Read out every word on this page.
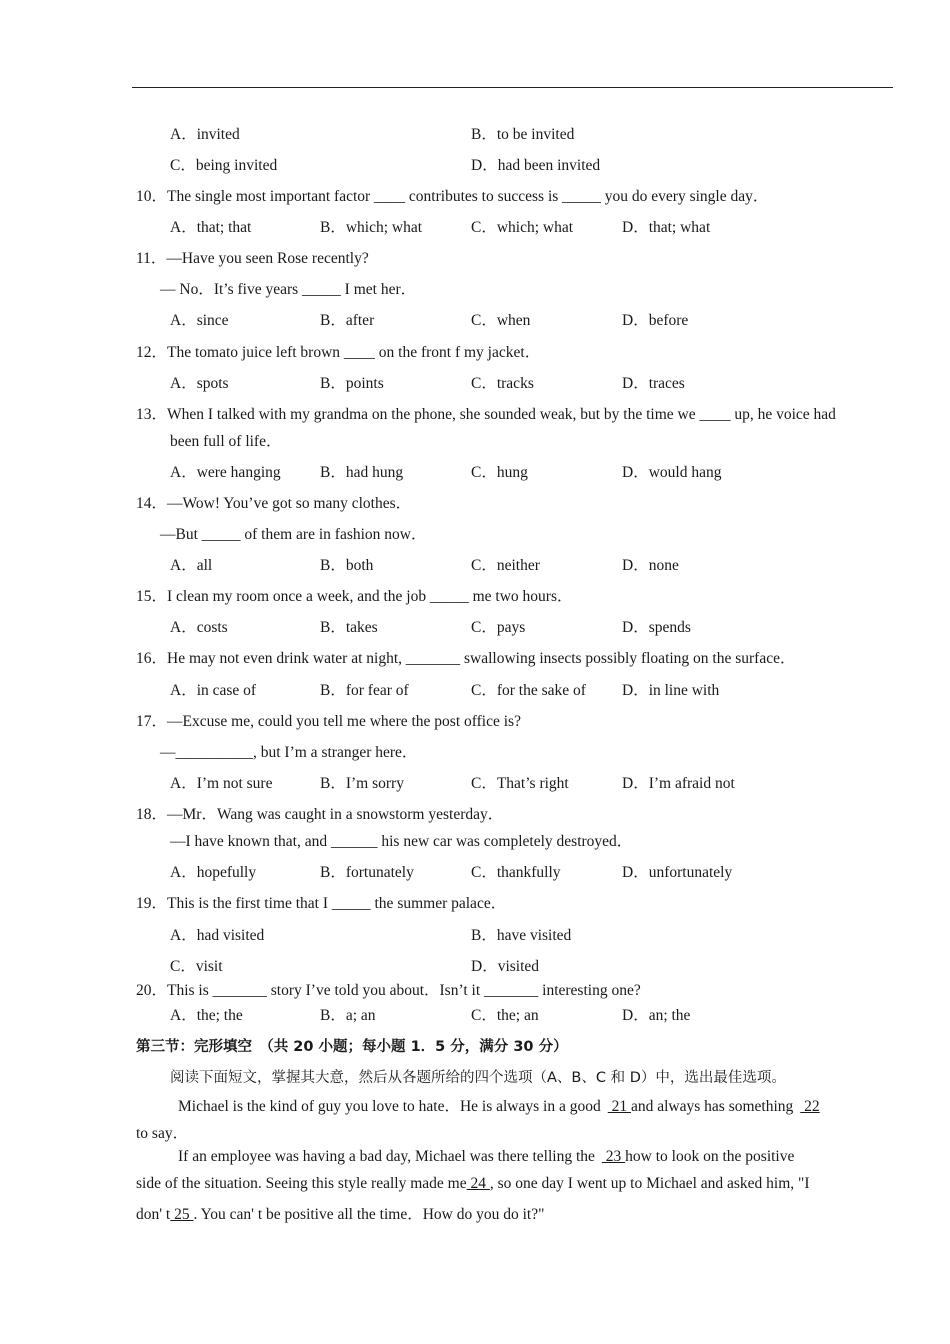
A．invited	B．to be invited
C．being invited	D．had been invited
10．The single most important factor ____ contributes to success is _____ you do every single day．
A．that; that	B．which; what	C．which; what	D．that; what
11．—Have you seen Rose recently?
— No．It’s five years _____ I met her．
A．since	B．after	C．when	D．before
12．The tomato juice left brown ____ on the front f my jacket．
A．spots	B．points	C．tracks	D．traces
13．When I talked with my grandma on the phone, she sounded weak, but by the time we ____ up, he voice had
been full of life．
A．were hanging	B．had hung	C．hung	D．would hang
14．—Wow! You’ve got so many clothes．
—But _____ of them are in fashion now．
A．all	B．both	C．neither	D．none
15．I clean my room once a week, and the job _____ me two hours．
A．costs	B．takes	C．pays	D．spends
16．He may not even drink water at night, _______ swallowing insects possibly floating on the surface．
A．in case of	B．for fear of	C．for the sake of D．in line with
17．—Excuse me, could you tell me where the post office is?
—__________, but I’m a stranger here．
A．I’m not sure	B．I’m sorry	C．That’s right	D．I’m afraid not
18．—Mr．Wang was caught in a snowstorm yesterday．
—I have known that, and ______ his new car was completely destroyed．
A．hopefully	B．fortunately	C．thankfully	D．unfortunately
19．This is the first time that I _____ the summer palace．
A．had visited	B．have visited
C．visit	D．visited
20．This is _______ story I’ve told you about．Isn’t it _______ interesting one?
A．the; the	B．a; an	C．the; an	D．an; the
第三节：完形填空　（共 20 小题；每小题 1．5 分，满分 30 分）
阅读下面短文，掌握其大意，然后从各题所给的四个选项（A、B、C 和 D）中，选出最佳选项。
Michael is the kind of guy you love to hate．He is always in a good 21 and always has something 22
to say．
If an employee was having a bad day, Michael was there telling the 23 how to look on the positive
side of the situation. Seeing this style really made me 24 , so one day I went up to Michael and asked him, "I
don' t 25 . You can' t be positive all the time．How do you do it?"
